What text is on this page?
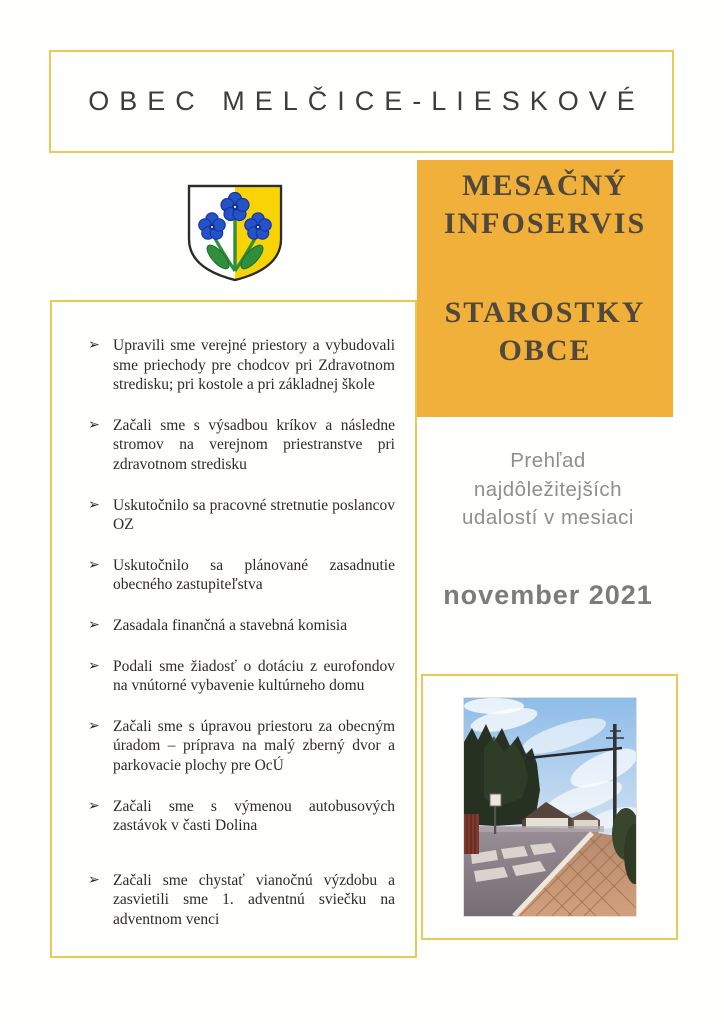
OBEC MELČICE-LIESKOVÉ
MESAČNÝ
INFOSERVIS
STAROSTKY
OBCE
➢ Upravili sme verejné priestory a vybudovali sme priechody pre chodcov pri Zdravotnom stredisku; pri kostole a pri základnej škole
➢ Začali sme s výsadbou kríkov a následne stromov na verejnom priestranstve pri zdravotnom stredisku
➢ Uskutočnilo sa pracovné stretnutie poslancov OZ
➢ Uskutočnilo sa plánované zasadnutie obecného zastupiteľstva
➢ Zasadala finančná a stavebná komisia
➢ Podali sme žiadosť o dotáciu z eurofondov na vnútorné vybavenie kultúrneho domu
➢ Začali sme s úpravou priestoru za obecným úradom – príprava na malý zberný dvor a parkovacie plochy pre OcÚ
➢ Začali sme s výmenou autobusových zastávok v časti Dolina
➢ Začali sme chystať vianočnú výzdobu a zasvietili sme 1. adventnú sviečku na adventnom venci
Prehľad
najdôležitejších
udalostí v mesiaci
november 2021
